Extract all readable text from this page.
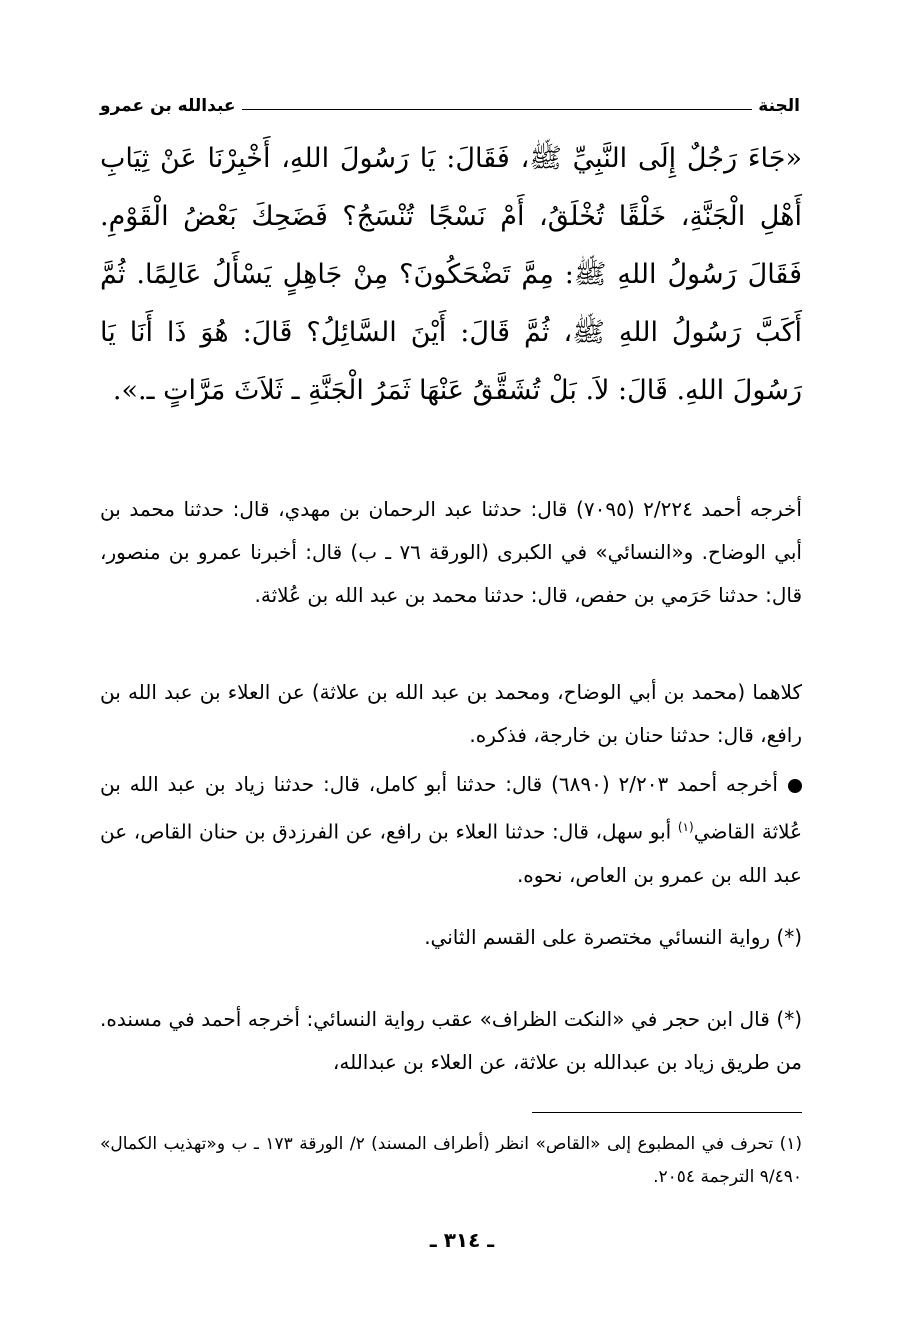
الجنة
عبدالله بن عمرو
«جَاءَ رَجُلٌ إِلَى النَّبِيِّ ﷺ، فَقَالَ: يَا رَسُولَ اللهِ، أَخْبِرْنَا عَنْ ثِيَابِ أَهْلِ الْجَنَّةِ، خَلْقًا تُخْلَقُ، أَمْ نَسْجًا تُنْسَجُ؟ فَضَحِكَ بَعْضُ الْقَوْمِ. فَقَالَ رَسُولُ اللهِ ﷺ: مِمَّ تَضْحَكُونَ؟ مِنْ جَاهِلٍ يَسْأَلُ عَالِمًا. ثُمَّ أَكَبَّ رَسُولُ اللهِ ﷺ، ثُمَّ قَالَ: أَيْنَ السَّائِلُ؟ قَالَ: هُوَ ذَا أَنَا يَا رَسُولَ اللهِ. قَالَ: لاَ. بَلْ تُشَقَّقُ عَنْهَا ثَمَرُ الْجَنَّةِ ـ ثَلاَثَ مَرَّاتٍ ـ.».
أخرجه أحمد ٢/٢٢٤ (٧٠٩٥) قال: حدثنا عبد الرحمان بن مهدي، قال: حدثنا محمد بن أبي الوضاح. و«النسائي» في الكبرى (الورقة ٧٦ ـ ب) قال: أخبرنا عمرو بن منصور، قال: حدثنا حَرَمي بن حفص، قال: حدثنا محمد بن عبد الله بن عُلاثة.
كلاهما (محمد بن أبي الوضاح، ومحمد بن عبد الله بن علاثة) عن العلاء بن عبد الله بن رافع، قال: حدثنا حنان بن خارجة، فذكره.
أخرجه أحمد ٢/٢٠٣ (٦٨٩٠) قال: حدثنا أبو كامل، قال: حدثنا زياد بن عبد الله بن عُلاثة القاضي$^{(١)}$ أبو سهل، قال: حدثنا العلاء بن رافع، عن الفرزدق بن حنان القاص، عن عبد الله بن عمرو بن العاص، نحوه.
(*) رواية النسائي مختصرة على القسم الثاني.
(*) قال ابن حجر في «النكت الظراف» عقب رواية النسائي: أخرجه أحمد في مسنده. من طريق زياد بن عبدالله بن علاثة، عن العلاء بن عبدالله،
(١) تحرف في المطبوع إلى «القاص» انظر (أطراف المسند) ٢/ الورقة ١٧٣ ـ ب و«تهذيب الكمال» ٩/٤٩٠ الترجمة ٢٠٥٤.
ـ ٣١٤ ـ
